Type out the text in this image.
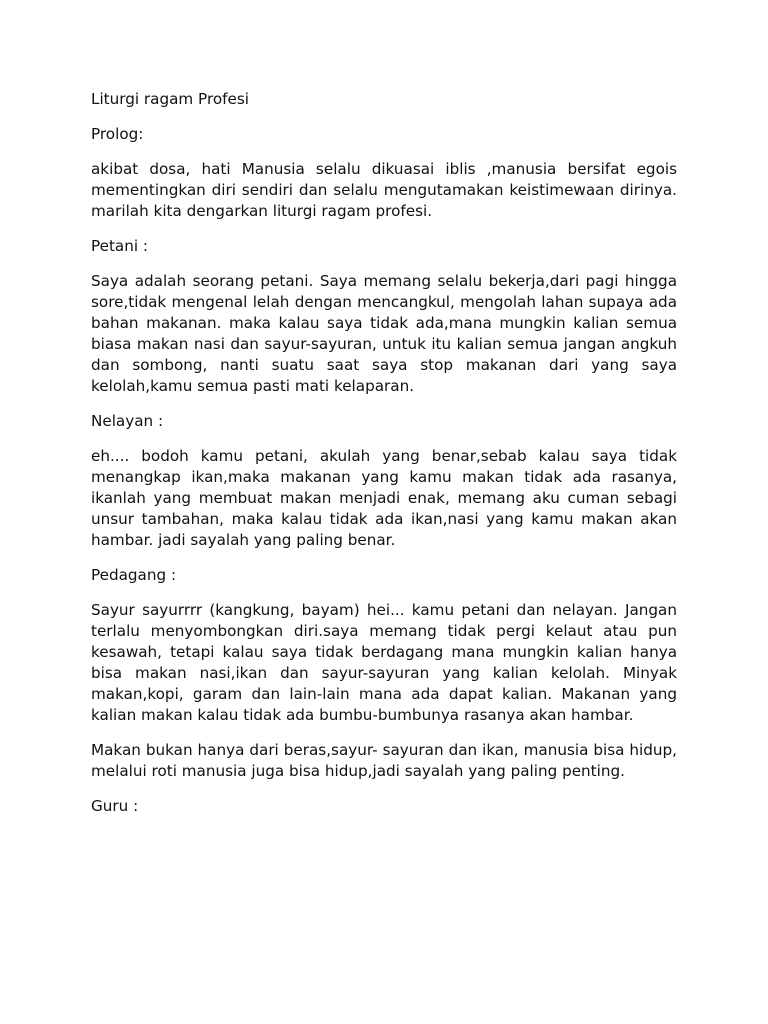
Liturgi ragam Profesi

Prolog:

akibat dosa, hati Manusia selalu dikuasai iblis ,manusia bersifat egois mementingkan diri sendiri dan selalu mengutamakan keistimewaan dirinya. marilah kita dengarkan liturgi ragam profesi.

Petani :

Saya adalah seorang petani. Saya memang selalu bekerja,dari pagi hingga sore,tidak mengenal lelah dengan mencangkul, mengolah lahan supaya ada bahan makanan. maka kalau saya tidak ada,mana mungkin kalian semua biasa makan nasi dan sayur-sayuran, untuk itu kalian semua jangan angkuh dan sombong, nanti suatu saat saya stop makanan dari yang saya kelolah,kamu semua pasti mati kelaparan.

Nelayan :

eh.... bodoh kamu petani, akulah yang benar,sebab kalau saya tidak menangkap ikan,maka makanan yang kamu makan tidak ada rasanya, ikanlah yang membuat makan menjadi enak, memang aku cuman sebagi unsur tambahan, maka kalau tidak ada ikan,nasi yang kamu makan akan hambar. jadi sayalah yang paling benar.

Pedagang :

Sayur sayurrrr (kangkung, bayam) hei... kamu petani dan nelayan. Jangan terlalu menyombongkan diri.saya memang tidak pergi kelaut atau pun kesawah, tetapi kalau saya tidak berdagang mana mungkin kalian hanya bisa makan nasi,ikan dan sayur-sayuran yang kalian kelolah. Minyak makan,kopi, garam dan lain-lain mana ada dapat kalian. Makanan yang kalian makan kalau tidak ada bumbu-bumbunya rasanya akan hambar.

Makan bukan hanya dari beras,sayur- sayuran dan ikan, manusia bisa hidup, melalui roti manusia juga bisa hidup,jadi sayalah yang paling penting.

Guru :
